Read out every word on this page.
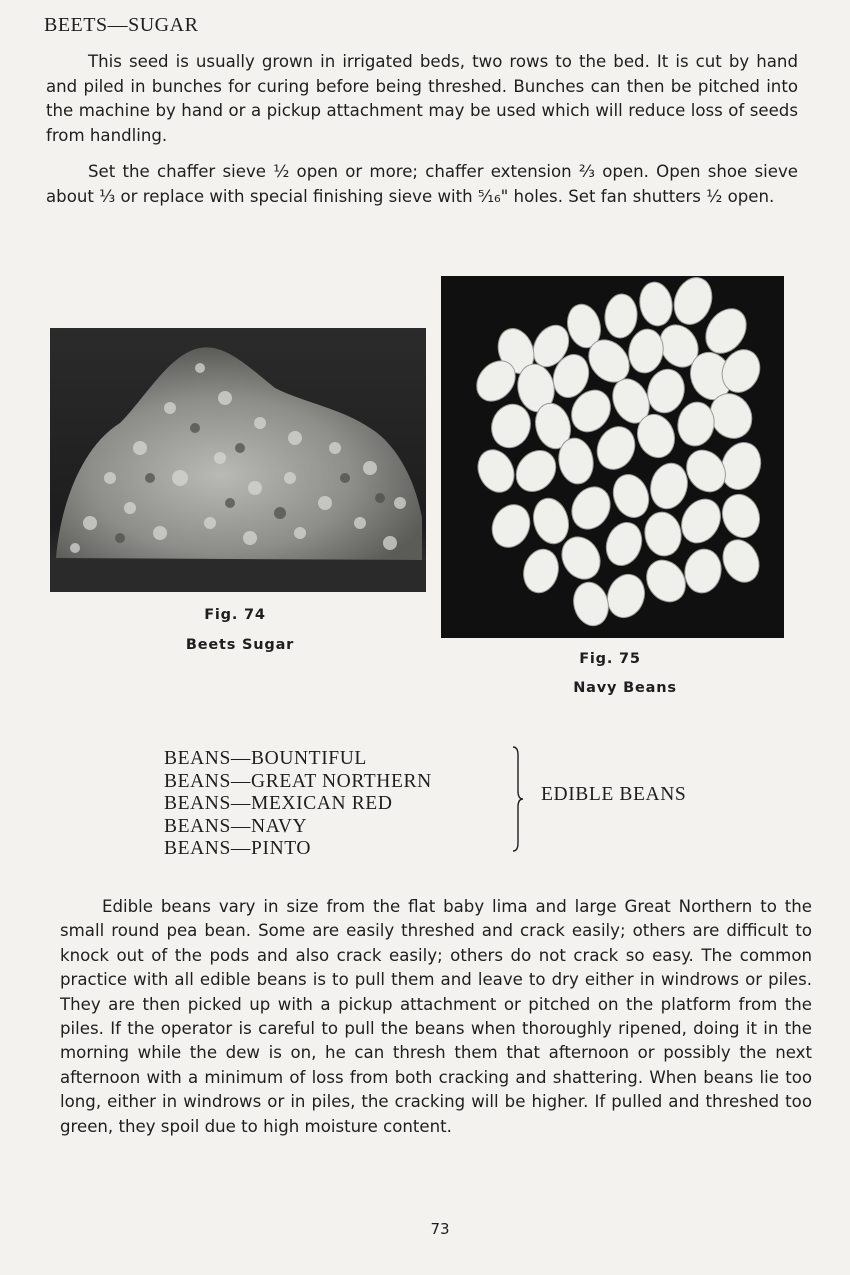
BEETS—SUGAR

This seed is usually grown in irrigated beds, two rows to the bed. It is cut by hand and piled in bunches for curing before being threshed. Bunches can then be pitched into the machine by hand or a pickup attachment may be used which will reduce loss of seeds from handling.

Set the chaffer sieve ½ open or more; chaffer extension ⅔ open. Open shoe sieve about ⅓ or replace with special finishing sieve with ⁵⁄₁₆" holes. Set fan shutters ½ open.

Fig. 74
Beets Sugar
Fig. 75
Navy Beans
BEANS—BOUNTIFUL
BEANS—GREAT NORTHERN
BEANS—MEXICAN RED
BEANS—NAVY
BEANS—PINTO
EDIBLE BEANS

Edible beans vary in size from the flat baby lima and large Great Northern to the small round pea bean. Some are easily threshed and crack easily; others are difficult to knock out of the pods and also crack easily; others do not crack so easy. The common practice with all edible beans is to pull them and leave to dry either in windrows or piles. They are then picked up with a pickup attachment or pitched on the platform from the piles. If the operator is careful to pull the beans when thoroughly ripened, doing it in the morning while the dew is on, he can thresh them that afternoon or possibly the next afternoon with a minimum of loss from both cracking and shattering. When beans lie too long, either in windrows or in piles, the cracking will be higher. If pulled and threshed too green, they spoil due to high moisture content.

73
